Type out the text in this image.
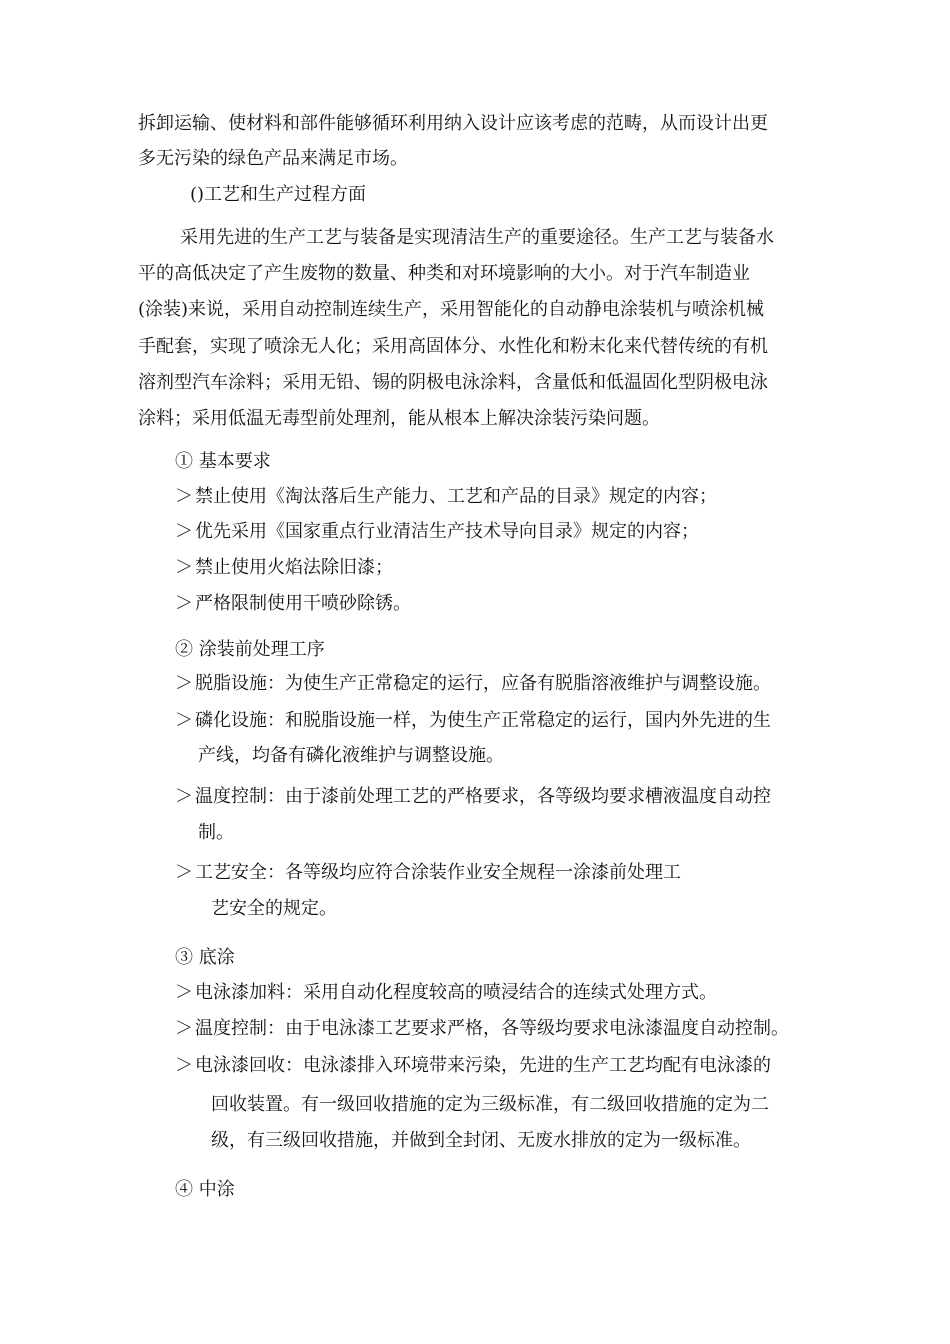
拆卸运输、使材料和部件能够循环利用纳入设计应该考虑的范畴，从而设计出更
多无污染的绿色产品来满足市场。
()工艺和生产过程方面
采用先进的生产工艺与装备是实现清洁生产的重要途径。生产工艺与装备水
平的高低决定了产生废物的数量、种类和对环境影响的大小。对于汽车制造业
(涂装)来说，采用自动控制连续生产，采用智能化的自动静电涂装机与喷涂机械
手配套，实现了喷涂无人化；采用高固体分、水性化和粉末化来代替传统的有机
溶剂型汽车涂料；采用无铅、锡的阴极电泳涂料，含量低和低温固化型阴极电泳
涂料；采用低温无毒型前处理剂，能从根本上解决涂装污染问题。
① 基本要求
＞ 禁止使用《淘汰落后生产能力、工艺和产品的目录》规定的内容；
＞ 优先采用《国家重点行业清洁生产技术导向目录》规定的内容；
＞ 禁止使用火焰法除旧漆；
＞ 严格限制使用干喷砂除锈。
② 涂装前处理工序
＞ 脱脂设施：为使生产正常稳定的运行，应备有脱脂溶液维护与调整设施。
＞ 磷化设施：和脱脂设施一样，为使生产正常稳定的运行，国内外先进的生
产线，均备有磷化液维护与调整设施。
＞ 温度控制：由于漆前处理工艺的严格要求，各等级均要求槽液温度自动控
制。
＞ 工艺安全：各等级均应符合涂装作业安全规程一涂漆前处理工
艺安全的规定。
③ 底涂
＞ 电泳漆加料：采用自动化程度较高的喷浸结合的连续式处理方式。
＞ 温度控制：由于电泳漆工艺要求严格，各等级均要求电泳漆温度自动控制。
＞ 电泳漆回收：电泳漆排入环境带来污染，先进的生产工艺均配有电泳漆的
回收装置。有一级回收措施的定为三级标准，有二级回收措施的定为二
级，有三级回收措施，并做到全封闭、无废水排放的定为一级标准。
④ 中涂
